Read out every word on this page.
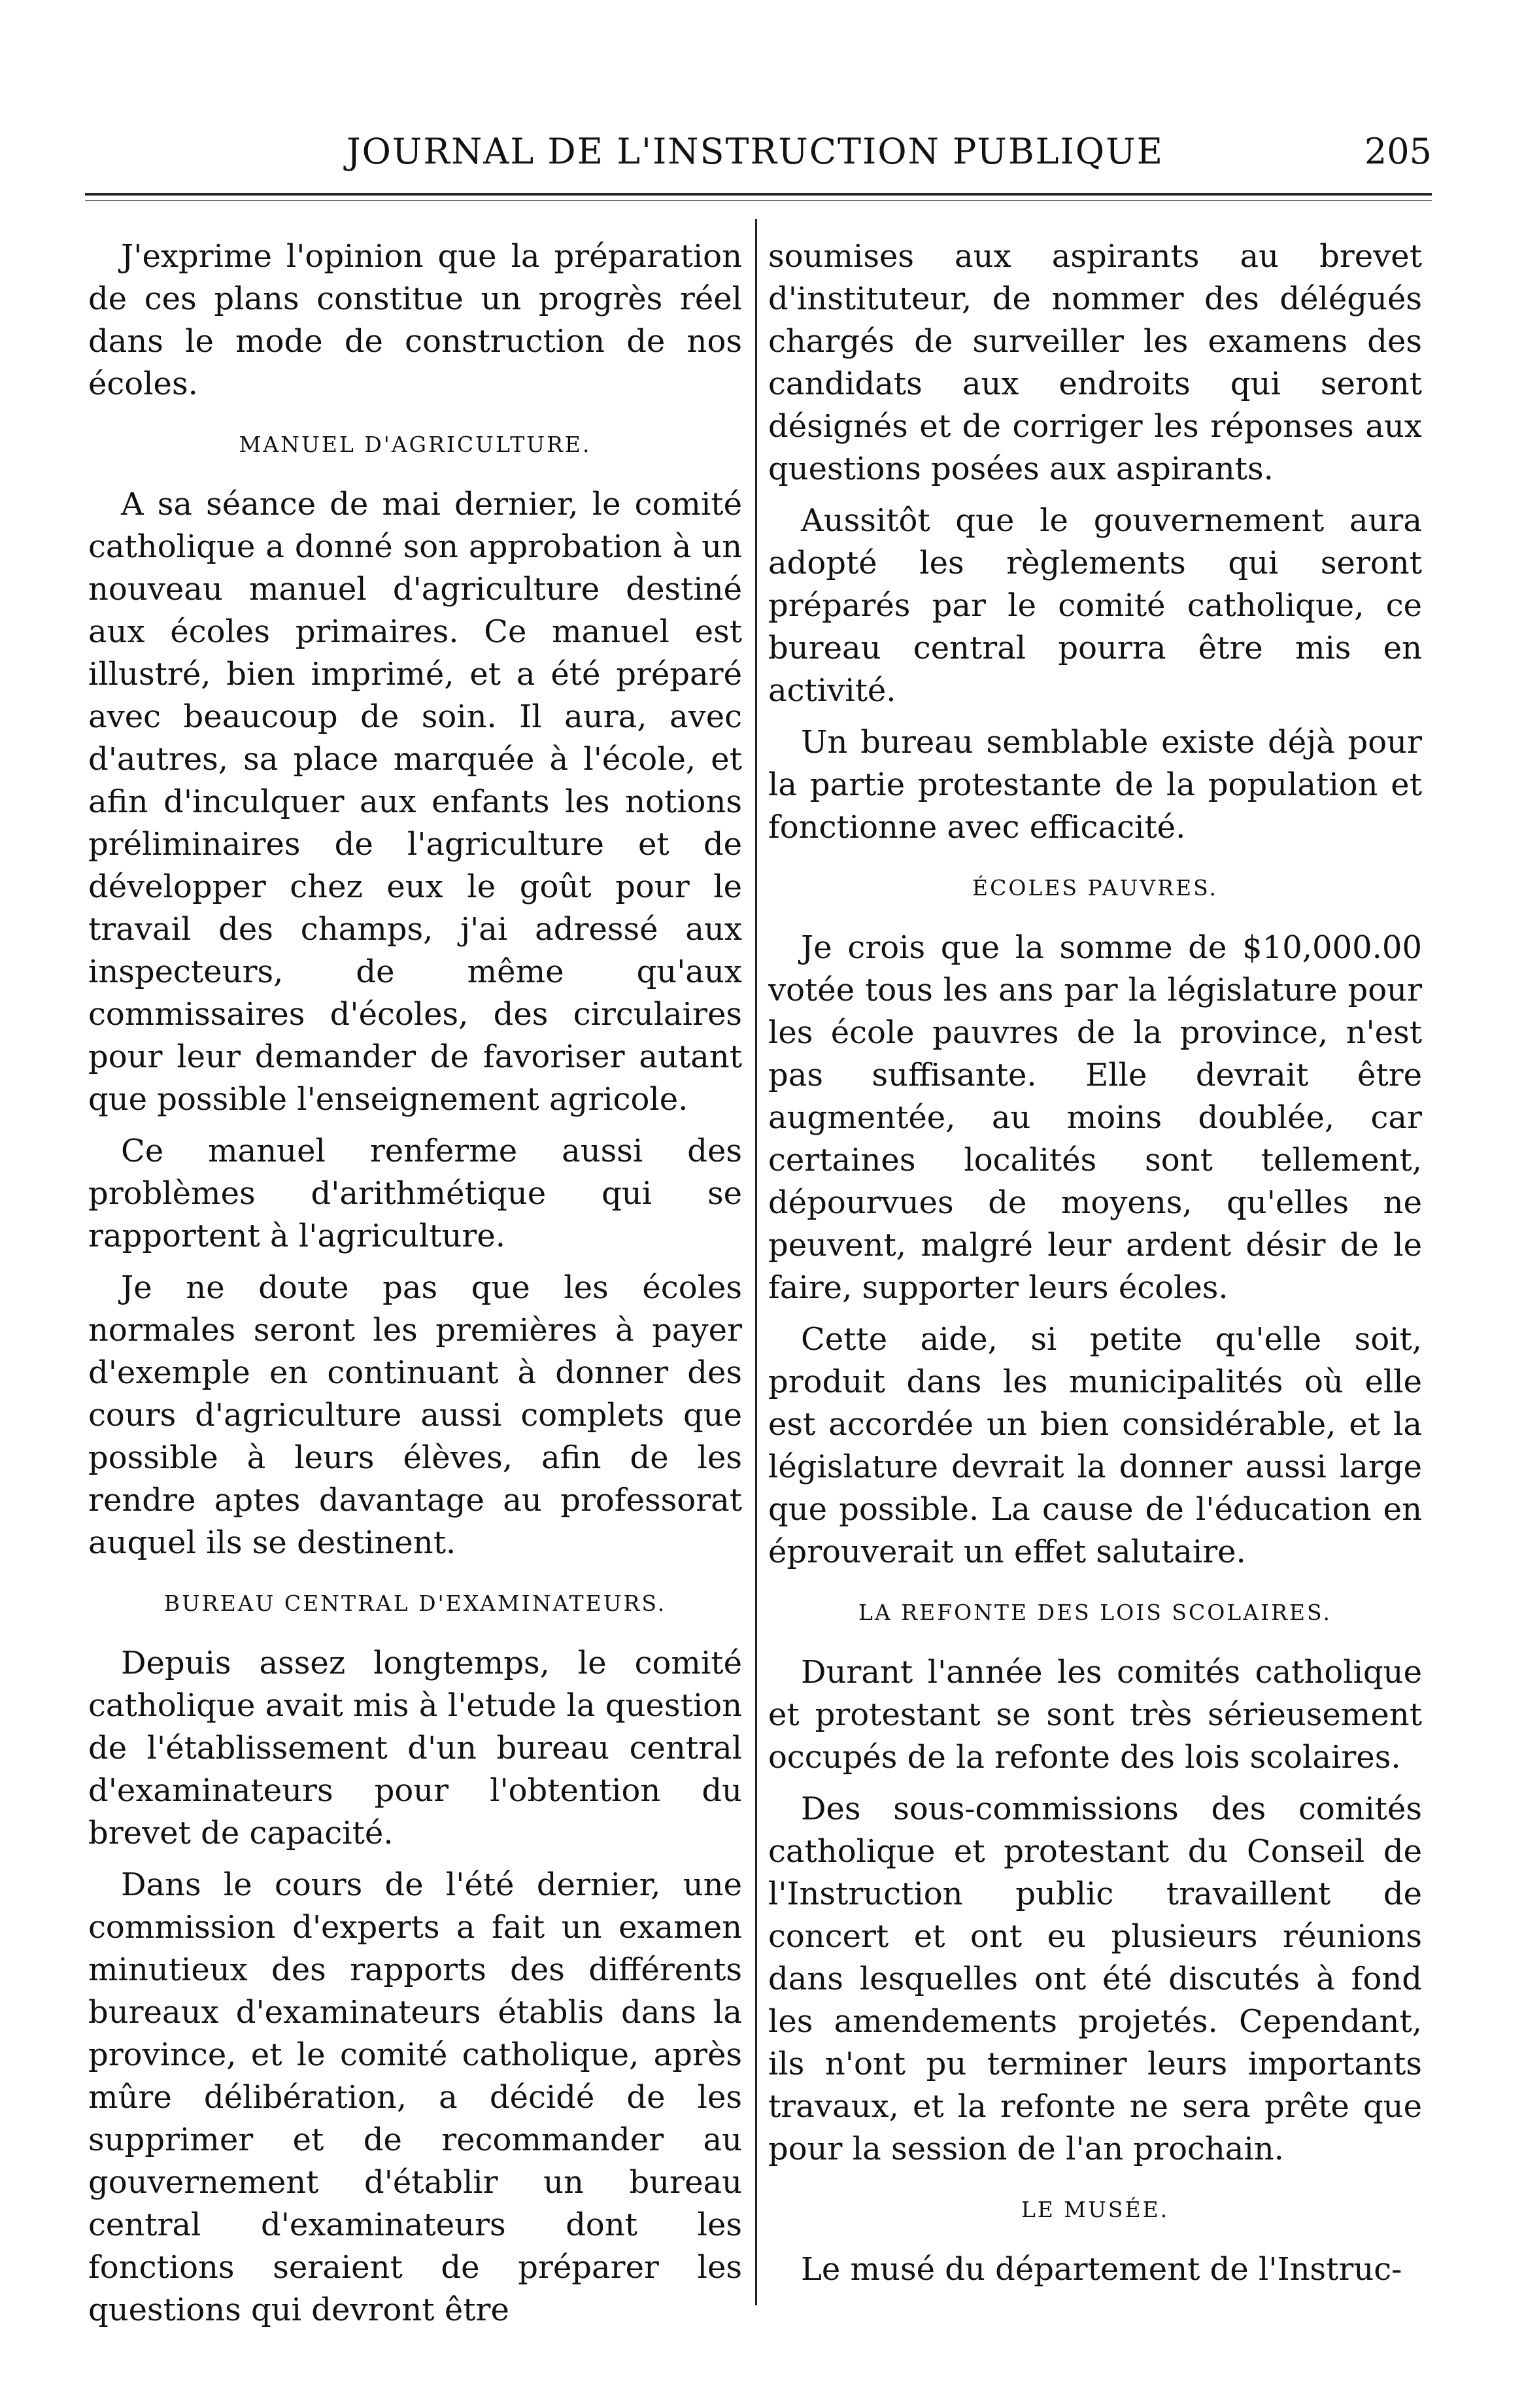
JOURNAL DE L'INSTRUCTION PUBLIQUE	205

J'exprime l'opinion que la préparation de ces plans constitue un progrès réel dans le mode de construction de nos écoles.

MANUEL D'AGRICULTURE.

A sa séance de mai dernier, le comité catholique a donné son approbation à un nouveau manuel d'agriculture destiné aux écoles primaires. Ce manuel est illustré, bien imprimé, et a été préparé avec beaucoup de soin. Il aura, avec d'autres, sa place marquée à l'école, et afin d'inculquer aux enfants les notions préliminaires de l'agriculture et de développer chez eux le goût pour le travail des champs, j'ai adressé aux inspecteurs, de même qu'aux commissaires d'écoles, des circulaires pour leur demander de favoriser autant que possible l'enseignement agricole.

Ce manuel renferme aussi des problèmes d'arithmétique qui se rapportent à l'agriculture.

Je ne doute pas que les écoles normales seront les premières à payer d'exemple en continuant à donner des cours d'agriculture aussi complets que possible à leurs élèves, afin de les rendre aptes davantage au professorat auquel ils se destinent.

BUREAU CENTRAL D'EXAMINATEURS.

Depuis assez longtemps, le comité catholique avait mis à l'etude la question de l'établissement d'un bureau central d'examinateurs pour l'obtention du brevet de capacité.

Dans le cours de l'été dernier, une commission d'experts a fait un examen minutieux des rapports des différents bureaux d'examinateurs établis dans la province, et le comité catholique, après mûre délibération, a décidé de les supprimer et de recommander au gouvernement d'établir un bureau central d'examinateurs dont les fonctions seraient de préparer les questions qui devront être

soumises aux aspirants au brevet d'instituteur, de nommer des délégués chargés de surveiller les examens des candidats aux endroits qui seront désignés et de corriger les réponses aux questions posées aux aspirants.

Aussitôt que le gouvernement aura adopté les règlements qui seront préparés par le comité catholique, ce bureau central pourra être mis en activité.

Un bureau semblable existe déjà pour la partie protestante de la population et fonctionne avec efficacité.

ÉCOLES PAUVRES.

Je crois que la somme de $10,000.00 votée tous les ans par la législature pour les école pauvres de la province, n'est pas suffisante. Elle devrait être augmentée, au moins doublée, car certaines localités sont tellement, dépourvues de moyens, qu'elles ne peuvent, malgré leur ardent désir de le faire, supporter leurs écoles.

Cette aide, si petite qu'elle soit, produit dans les municipalités où elle est accordée un bien considérable, et la législature devrait la donner aussi large que possible. La cause de l'éducation en éprouverait un effet salutaire.

LA REFONTE DES LOIS SCOLAIRES.

Durant l'année les comités catholique et protestant se sont très sérieusement occupés de la refonte des lois scolaires.

Des sous-commissions des comités catholique et protestant du Conseil de l'Instruction public travaillent de concert et ont eu plusieurs réunions dans lesquelles ont été discutés à fond les amendements projetés. Cependant, ils n'ont pu terminer leurs importants travaux, et la refonte ne sera prête que pour la session de l'an prochain.

LE MUSÉE.

Le musé du département de l'Instruc-
